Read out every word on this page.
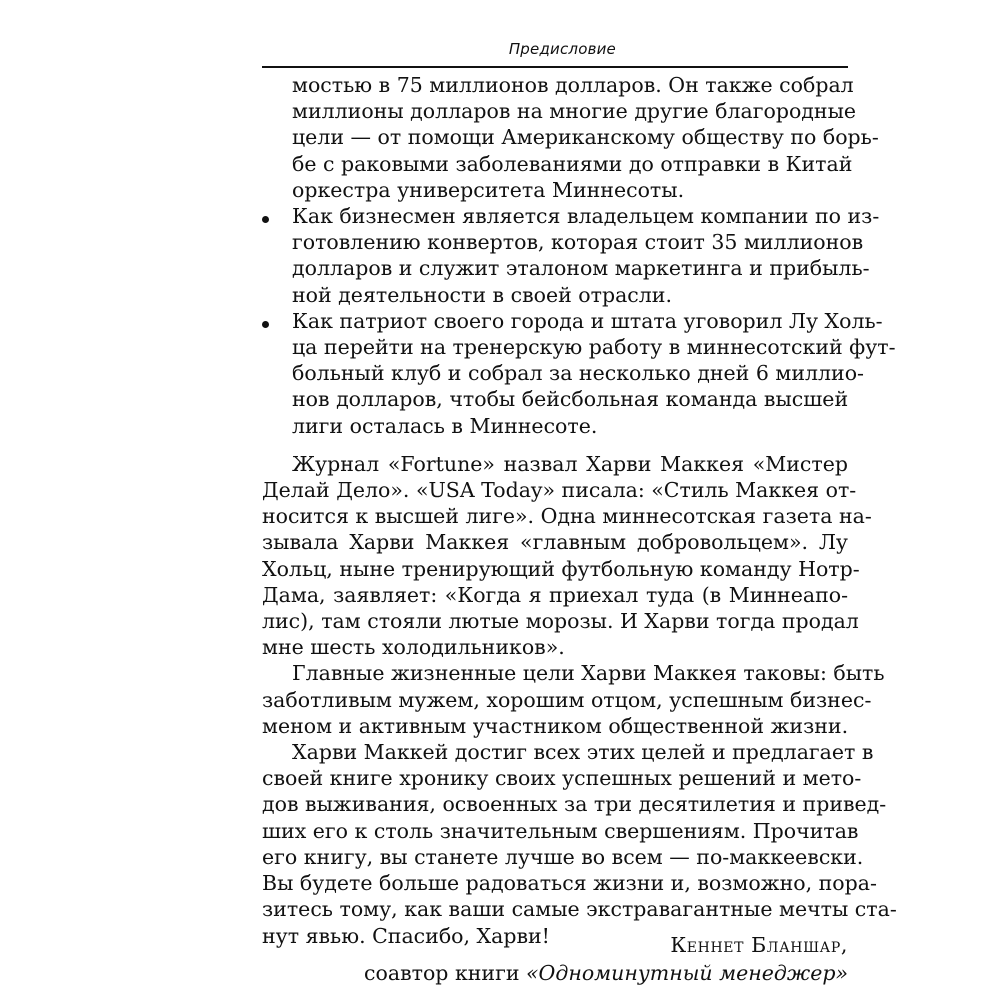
Предисловие
мостью в 75 миллионов долларов. Он также собрал
миллионы долларов на многие другие благородные
цели — от помощи Американскому обществу по борь-
бе с раковыми заболеваниями до отправки в Китай
оркестра университета Миннесоты.
Как бизнесмен является владельцем компании по из-
готовлению конвертов, которая стоит 35 миллионов
долларов и служит эталоном маркетинга и прибыль-
ной деятельности в своей отрасли.
Как патриот своего города и штата уговорил Лу Холь-
ца перейти на тренерскую работу в миннесотский фут-
больный клуб и собрал за несколько дней 6 миллио-
нов долларов, чтобы бейсбольная команда высшей
лиги осталась в Миннесоте.
Журнал «Fortune» назвал Харви Маккея «Мистер
Делай Дело». «USA Today» писала: «Стиль Маккея от-
носится к высшей лиге». Одна миннесотская газета на-
зывала Харви Маккея «главным добровольцем». Лу
Хольц, ныне тренирующий футбольную команду Нотр-
Дама, заявляет: «Когда я приехал туда (в Миннеапо-
лис), там стояли лютые морозы. И Харви тогда продал
мне шесть холодильников».
Главные жизненные цели Харви Маккея таковы: быть
заботливым мужем, хорошим отцом, успешным бизнес-
меном и активным участником общественной жизни.
Харви Маккей достиг всех этих целей и предлагает в
своей книге хронику своих успешных решений и мето-
дов выживания, освоенных за три десятилетия и привед-
ших его к столь значительным свершениям. Прочитав
его книгу, вы станете лучше во всем — по-маккеевски.
Вы будете больше радоваться жизни и, возможно, пора-
зитесь тому, как ваши самые экстравагантные мечты ста-
нут явью. Спасибо, Харви!	Кеннет Бланшар,
соавтор книги «Одноминутный менеджер»
